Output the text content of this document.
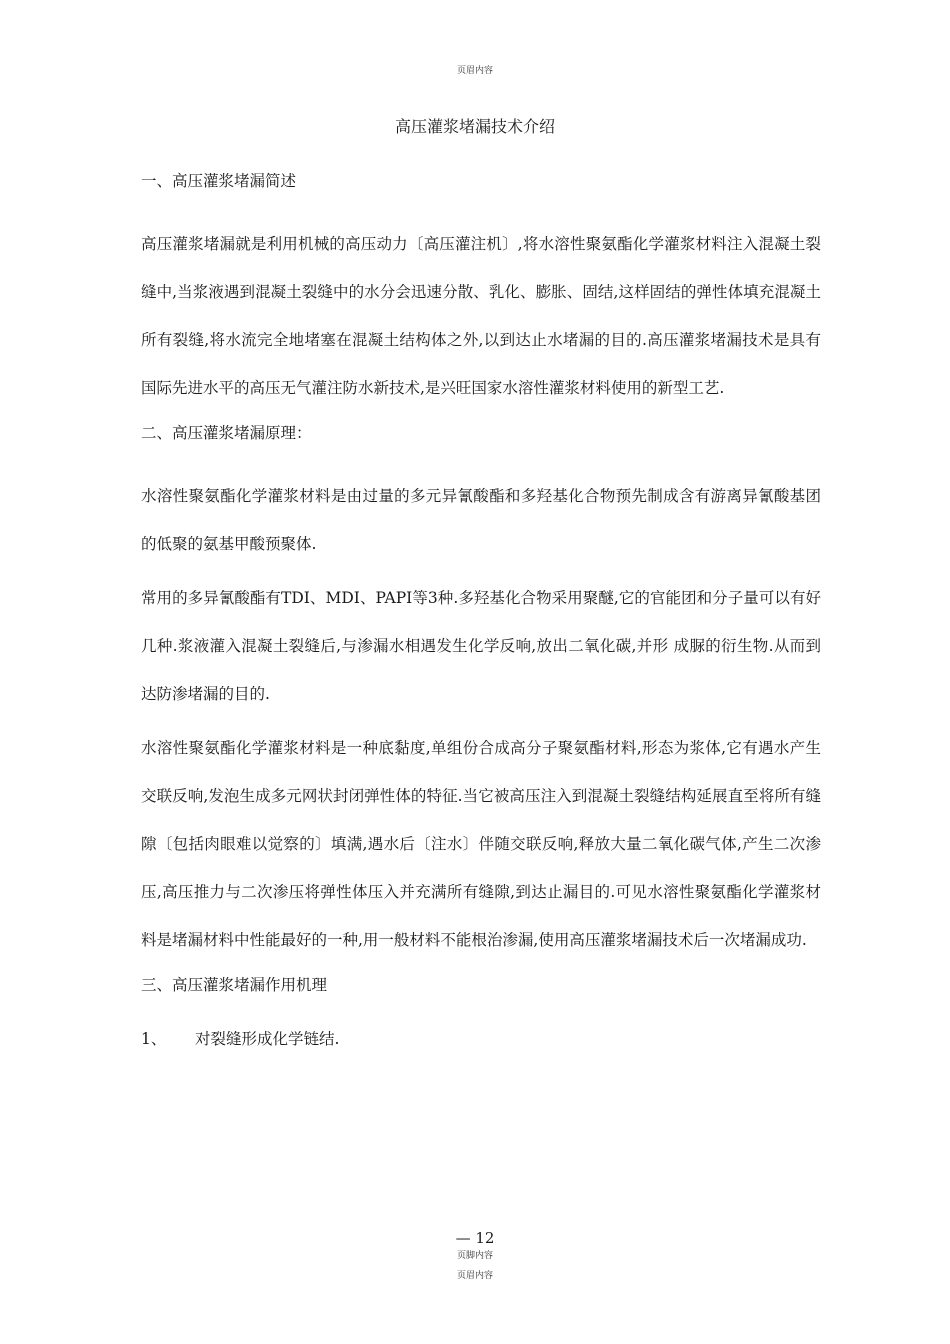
页眉内容
高压灌浆堵漏技术介绍
一、高压灌浆堵漏简述
高压灌浆堵漏就是利用机械的高压动力〔高压灌注机〕,将水溶性聚氨酯化学灌浆材料注入混凝土裂缝中,当浆液遇到混凝土裂缝中的水分会迅速分散、乳化、膨胀、固结,这样固结的弹性体填充混凝土所有裂缝,将水流完全地堵塞在混凝土结构体之外,以到达止水堵漏的目的.高压灌浆堵漏技术是具有国际先进水平的高压无气灌注防水新技术,是兴旺国家水溶性灌浆材料使用的新型工艺.
二、高压灌浆堵漏原理：
水溶性聚氨酯化学灌浆材料是由过量的多元异氰酸酯和多羟基化合物预先制成含有游离异氰酸基团的低聚的氨基甲酸预聚体.
常用的多异氰酸酯有TDI、MDI、PAPI等3种.多羟基化合物采用聚醚,它的官能团和分子量可以有好几种.浆液灌入混凝土裂缝后,与渗漏水相遇发生化学反响,放出二氧化碳,并形 成脲的衍生物.从而到达防渗堵漏的目的.
水溶性聚氨酯化学灌浆材料是一种底黏度,单组份合成高分子聚氨酯材料,形态为浆体,它有遇水产生交联反响,发泡生成多元网状封闭弹性体的特征.当它被高压注入到混凝土裂缝结构延展直至将所有缝隙〔包括肉眼难以觉察的〕填满,遇水后〔注水〕伴随交联反响,释放大量二氧化碳气体,产生二次渗压,高压推力与二次渗压将弹性体压入并充满所有缝隙,到达止漏目的.可见水溶性聚氨酯化学灌浆材料是堵漏材料中性能最好的一种,用一般材料不能根治渗漏,使用高压灌浆堵漏技术后一次堵漏成功.
三、高压灌浆堵漏作用机理
1、 对裂缝形成化学链结.
— 12
页脚内容
页眉内容
